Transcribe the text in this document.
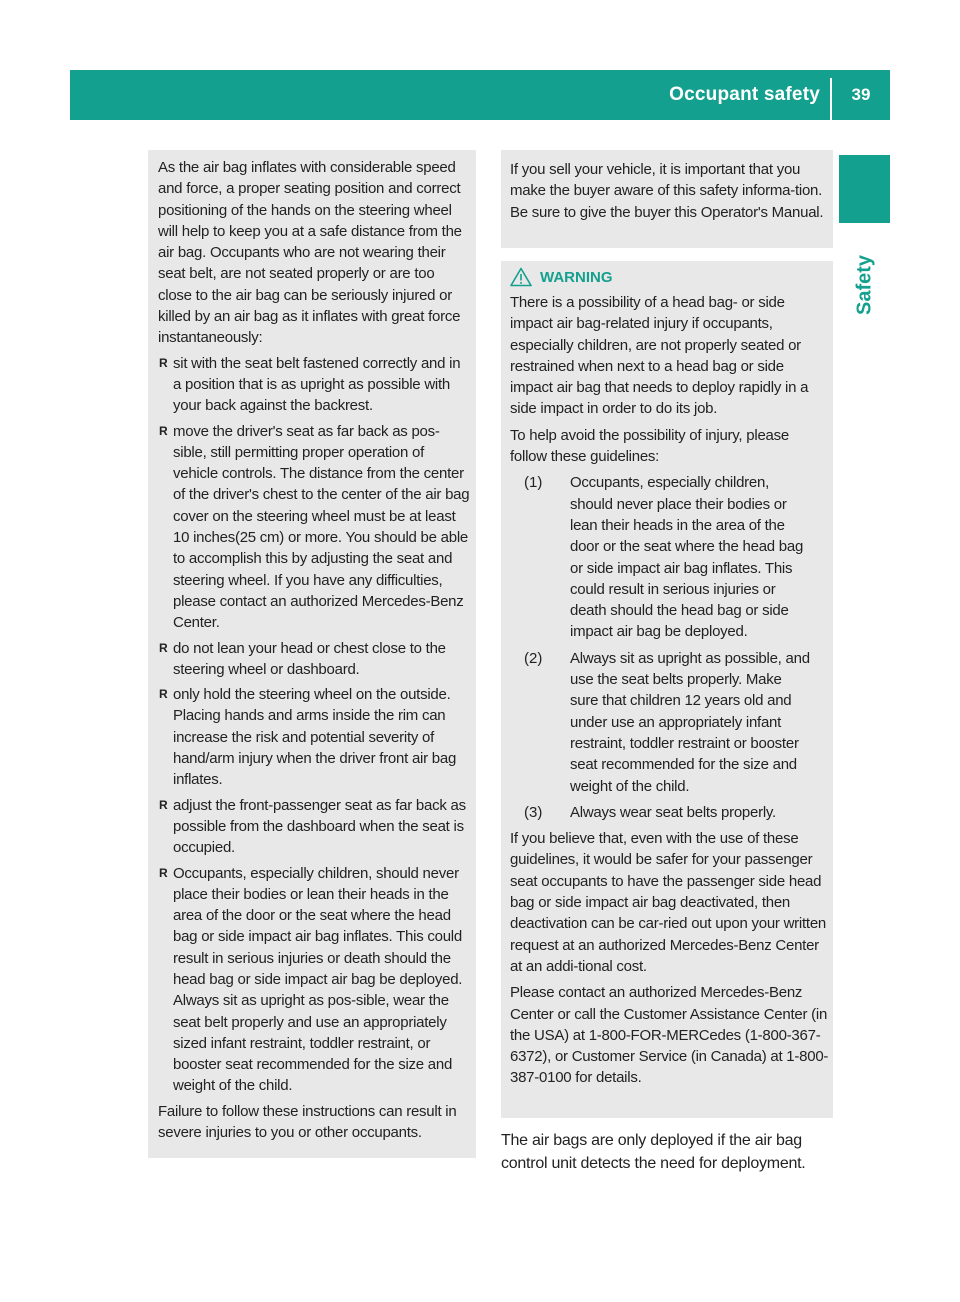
Occupant safety	39
Safety

As the air bag inflates with considerable speed and force, a proper seating position and correct positioning of the hands on the steering wheel will help to keep you at a safe distance from the air bag. Occupants who are not wearing their seat belt, are not seated properly or are too close to the air bag can be seriously injured or killed by an air bag as it inflates with great force instantaneously:

R sit with the seat belt fastened correctly and in a position that is as upright as possible with your back against the backrest.
R move the driver's seat as far back as pos-sible, still permitting proper operation of vehicle controls. The distance from the center of the driver's chest to the center of the air bag cover on the steering wheel must be at least 10 inches(25 cm) or more. You should be able to accomplish this by adjusting the seat and steering wheel. If you have any difficulties, please contact an authorized Mercedes-Benz Center.
R do not lean your head or chest close to the steering wheel or dashboard.
R only hold the steering wheel on the outside. Placing hands and arms inside the rim can increase the risk and potential severity of hand/arm injury when the driver front air bag inflates.
R adjust the front-passenger seat as far back as possible from the dashboard when the seat is occupied.
R Occupants, especially children, should never place their bodies or lean their heads in the area of the door or the seat where the head bag or side impact air bag inflates. This could result in serious injuries or death should the head bag or side impact air bag be deployed. Always sit as upright as pos-sible, wear the seat belt properly and use an appropriately sized infant restraint, toddler restraint, or booster seat recommended for the size and weight of the child.

Failure to follow these instructions can result in severe injuries to you or other occupants.

If you sell your vehicle, it is important that you make the buyer aware of this safety informa-tion. Be sure to give the buyer this Operator's Manual.

WARNING

There is a possibility of a head bag- or side impact air bag-related injury if occupants, especially children, are not properly seated or restrained when next to a head bag or side impact air bag that needs to deploy rapidly in a side impact in order to do its job.

To help avoid the possibility of injury, please follow these guidelines:

(1)	Occupants, especially children, should never place their bodies or lean their heads in the area of the door or the seat where the head bag or side impact air bag inflates. This could result in serious injuries or death should the head bag or side impact air bag be deployed.
(2)	Always sit as upright as possible, and use the seat belts properly. Make sure that children 12 years old and under use an appropriately infant restraint, toddler restraint or booster seat recommended for the size and weight of the child.
(3)	Always wear seat belts properly.

If you believe that, even with the use of these guidelines, it would be safer for your passenger seat occupants to have the passenger side head bag or side impact air bag deactivated, then deactivation can be car-ried out upon your written request at an authorized Mercedes-Benz Center at an addi-tional cost.

Please contact an authorized Mercedes-Benz Center or call the Customer Assistance Center (in the USA) at 1-800-FOR-MERCedes (1-800-367-6372), or Customer Service (in Canada) at 1-800-387-0100 for details.

The air bags are only deployed if the air bag control unit detects the need for deployment.
